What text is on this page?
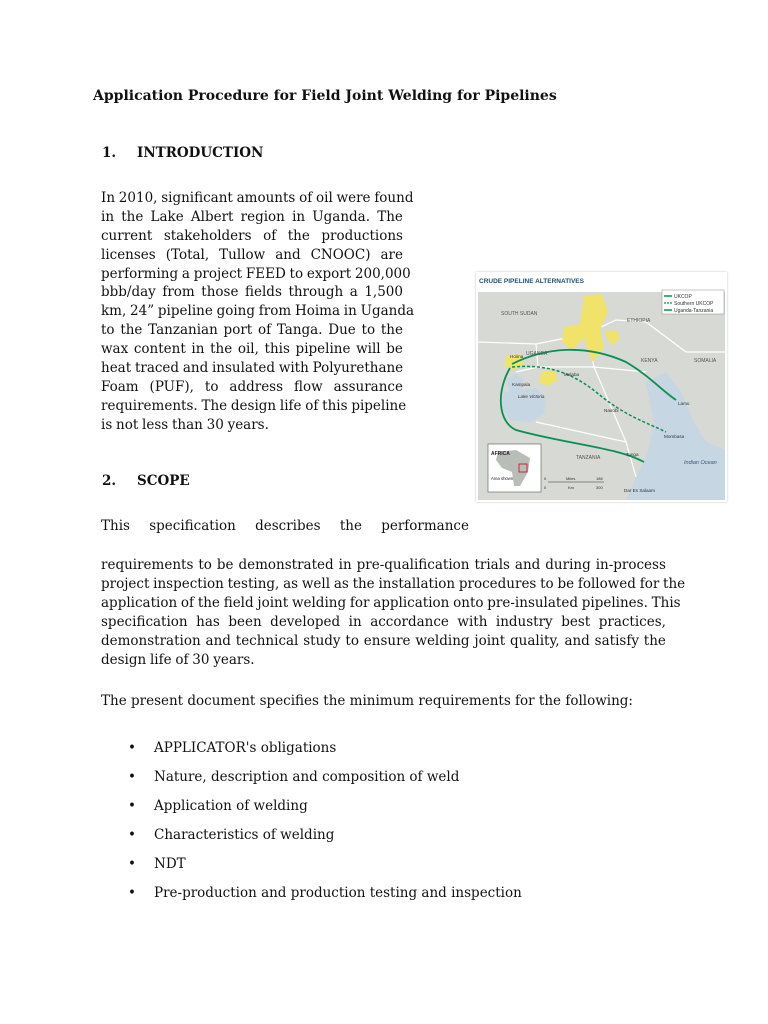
Application Procedure for Field Joint Welding for Pipelines
1. INTRODUCTION
In 2010, significant amounts of oil were found
in the Lake Albert region in Uganda. The
current stakeholders of the productions
licenses (Total, Tullow and CNOOC) are
performing a project FEED to export 200,000
bbb/day from those fields through a 1,500
km, 24” pipeline going from Hoima in Uganda
to the Tanzanian port of Tanga. Due to the
wax content in the oil, this pipeline will be
heat traced and insulated with Polyurethane
Foam (PUF), to address flow assurance
requirements. The design life of this pipeline
is not less than 30 years.
2. SCOPE
This specification describes the performance
requirements to be demonstrated in pre-qualification trials and during in-process
project inspection testing, as well as the installation procedures to be followed for the
application of the field joint welding for application onto pre-insulated pipelines. This
specification has been developed in accordance with industry best practices,
demonstration and technical study to ensure welding joint quality, and satisfy the
design life of 30 years.
The present document specifies the minimum requirements for the following:
• APPLICATOR's obligations
• Nature, description and composition of weld
• Application of welding
• Characteristics of welding
• NDT
• Pre-production and production testing and inspection
UKCOP
Southern UKCOP
Uganda-Tanzania
CRUDE PIPELINE ALTERNATIVES
SOUTH SUDAN
ETHIOPIA
UGANDA
KENYA	SOMALIA
TANZANIA
Hoima
Kampala
Malaba
Nairobi
Lamu
Mombasa
Tanga
Dar Es Salaam
Lake Victoria
Indian Ocean
AFRICA
Area shown	0	Miles	186
0	Km	300
